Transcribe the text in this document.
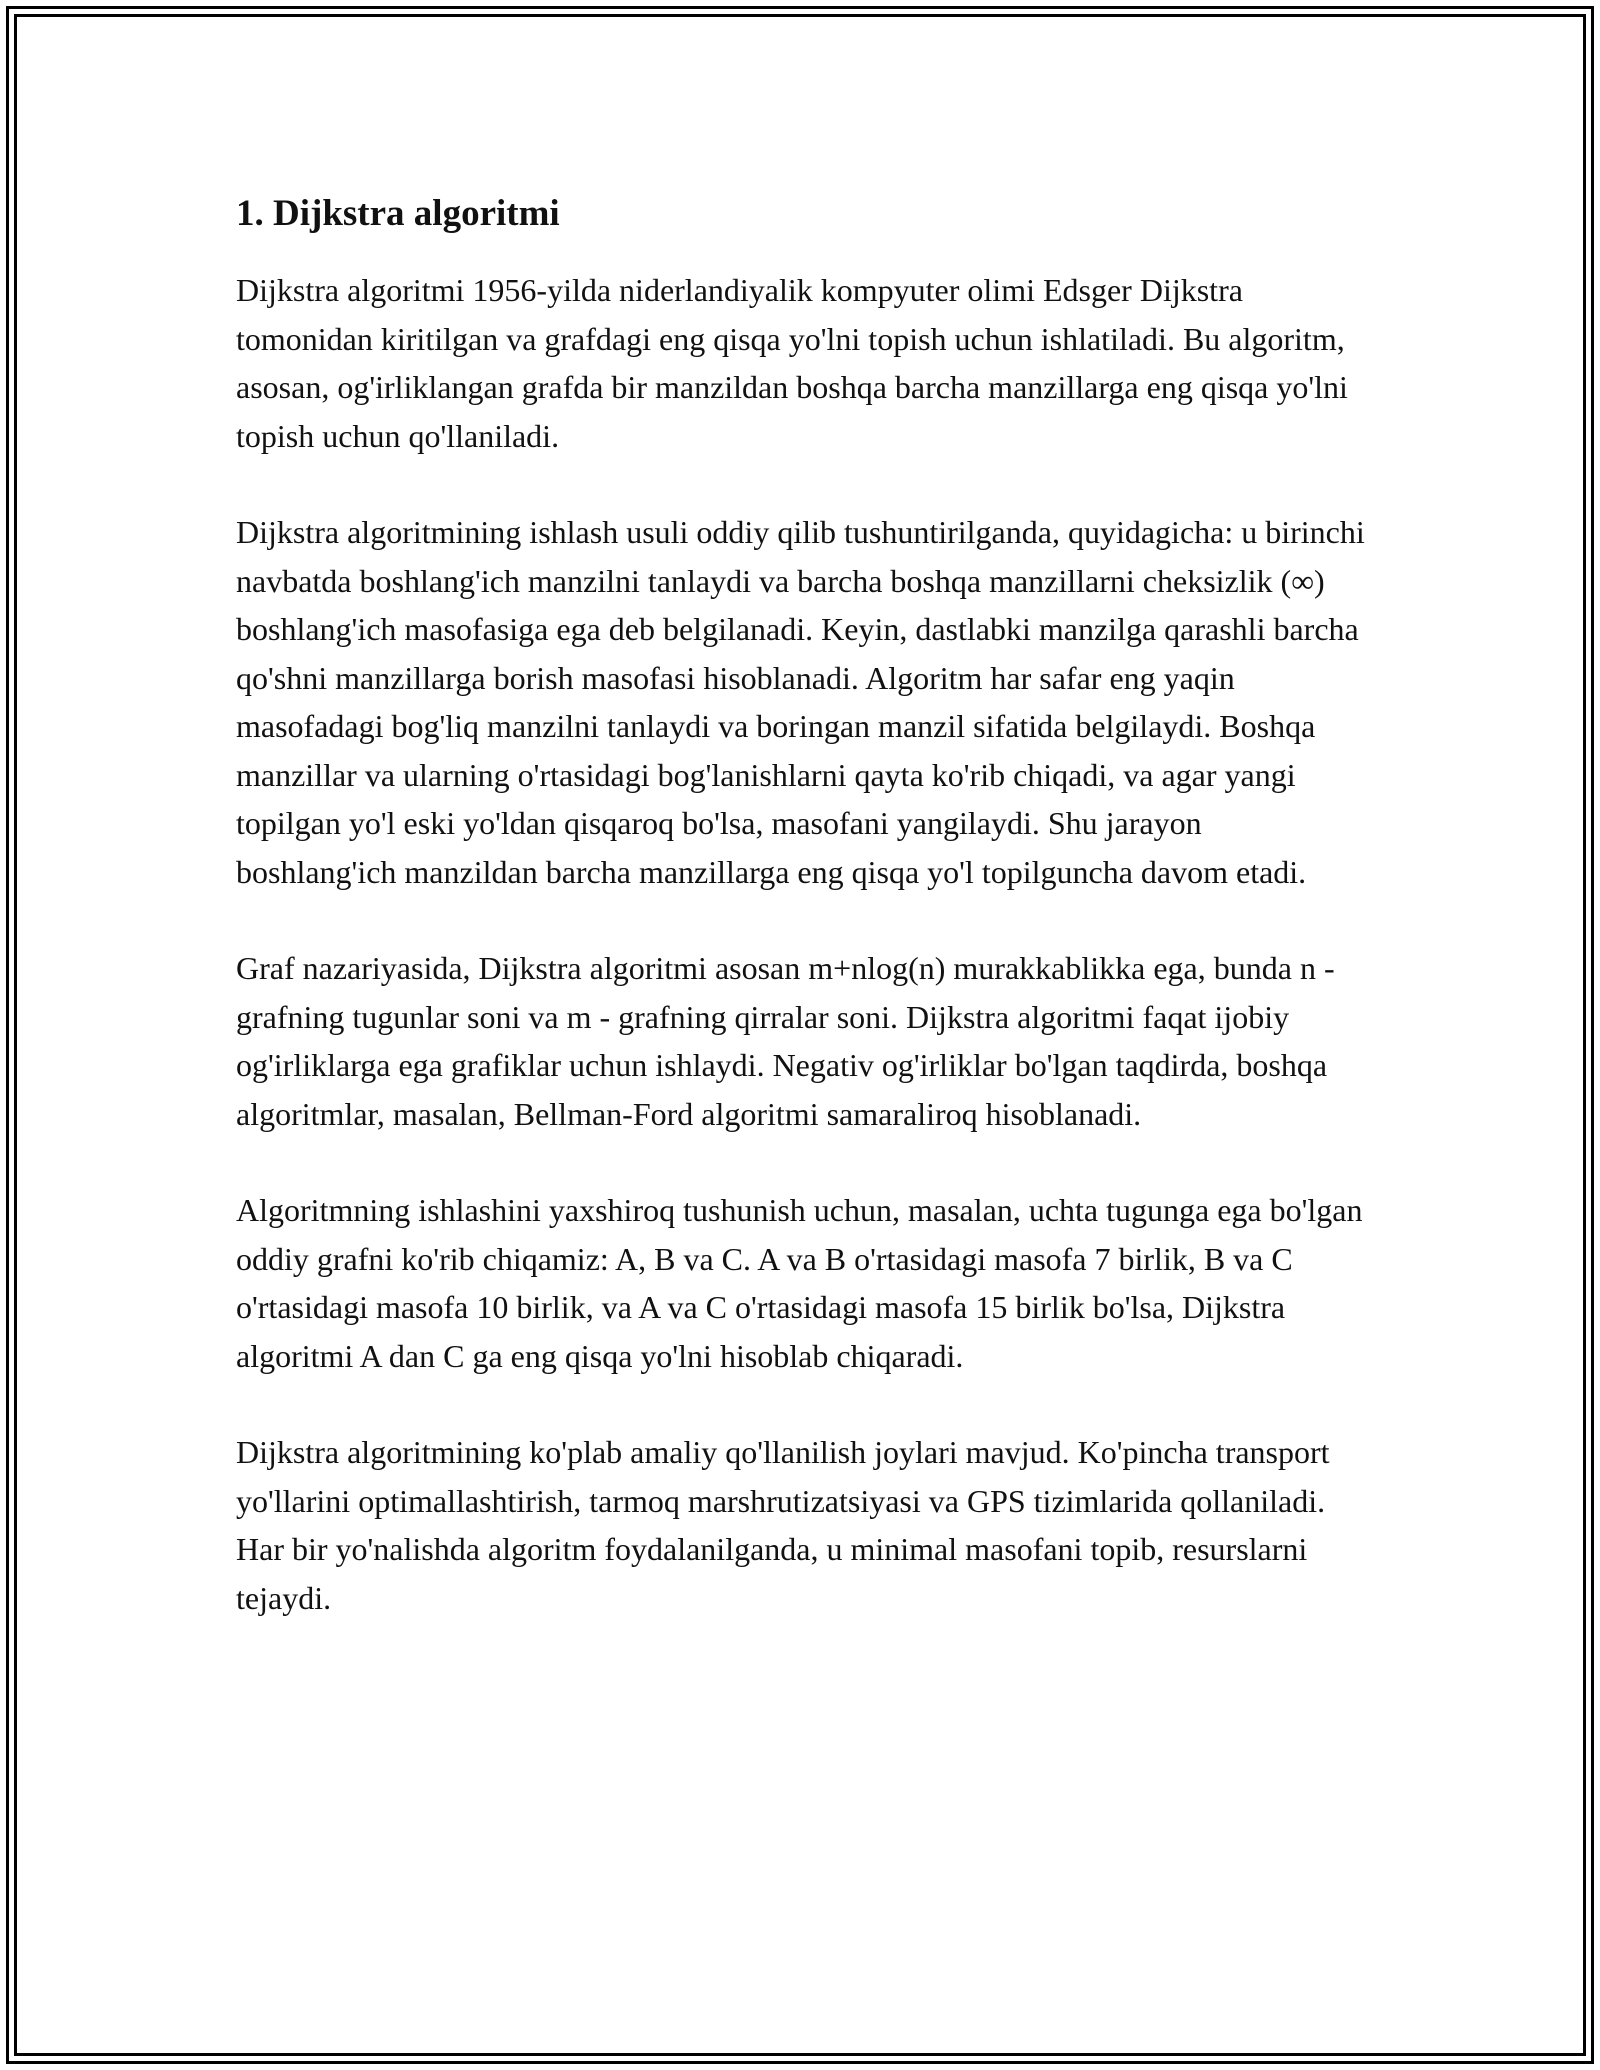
1. Dijkstra algoritmi

Dijkstra algoritmi 1956-yilda niderlandiyalik kompyuter olimi Edsger Dijkstra tomonidan kiritilgan va grafdagi eng qisqa yo'lni topish uchun ishlatiladi. Bu algoritm, asosan, og'irliklangan grafda bir manzildan boshqa barcha manzillarga eng qisqa yo'lni topish uchun qo'llaniladi.

Dijkstra algoritmining ishlash usuli oddiy qilib tushuntirilganda, quyidagicha: u birinchi navbatda boshlang'ich manzilni tanlaydi va barcha boshqa manzillarni cheksizlik (∞) boshlang'ich masofasiga ega deb belgilanadi. Keyin, dastlabki manzilga qarashli barcha qo'shni manzillarga borish masofasi hisoblanadi. Algoritm har safar eng yaqin masofadagi bog'liq manzilni tanlaydi va boringan manzil sifatida belgilaydi. Boshqa manzillar va ularning o'rtasidagi bog'lanishlarni qayta ko'rib chiqadi, va agar yangi topilgan yo'l eski yo'ldan qisqaroq bo'lsa, masofani yangilaydi. Shu jarayon boshlang'ich manzildan barcha manzillarga eng qisqa yo'l topilguncha davom etadi.

Graf nazariyasida, Dijkstra algoritmi asosan m+nlog(n) murakkablikka ega, bunda n - grafning tugunlar soni va m - grafning qirralar soni. Dijkstra algoritmi faqat ijobiy og'irliklarga ega grafiklar uchun ishlaydi. Negativ og'irliklar bo'lgan taqdirda, boshqa algoritmlar, masalan, Bellman-Ford algoritmi samaraliroq hisoblanadi.

Algoritmning ishlashini yaxshiroq tushunish uchun, masalan, uchta tugunga ega bo'lgan oddiy grafni ko'rib chiqamiz: A, B va C. A va B o'rtasidagi masofa 7 birlik, B va C o'rtasidagi masofa 10 birlik, va A va C o'rtasidagi masofa 15 birlik bo'lsa, Dijkstra algoritmi A dan C ga eng qisqa yo'lni hisoblab chiqaradi.

Dijkstra algoritmining ko'plab amaliy qo'llanilish joylari mavjud. Ko'pincha transport yo'llarini optimallashtirish, tarmoq marshrutizatsiyasi va GPS tizimlarida qollaniladi. Har bir yo'nalishda algoritm foydalanilganda, u minimal masofani topib, resurslarni tejaydi.
